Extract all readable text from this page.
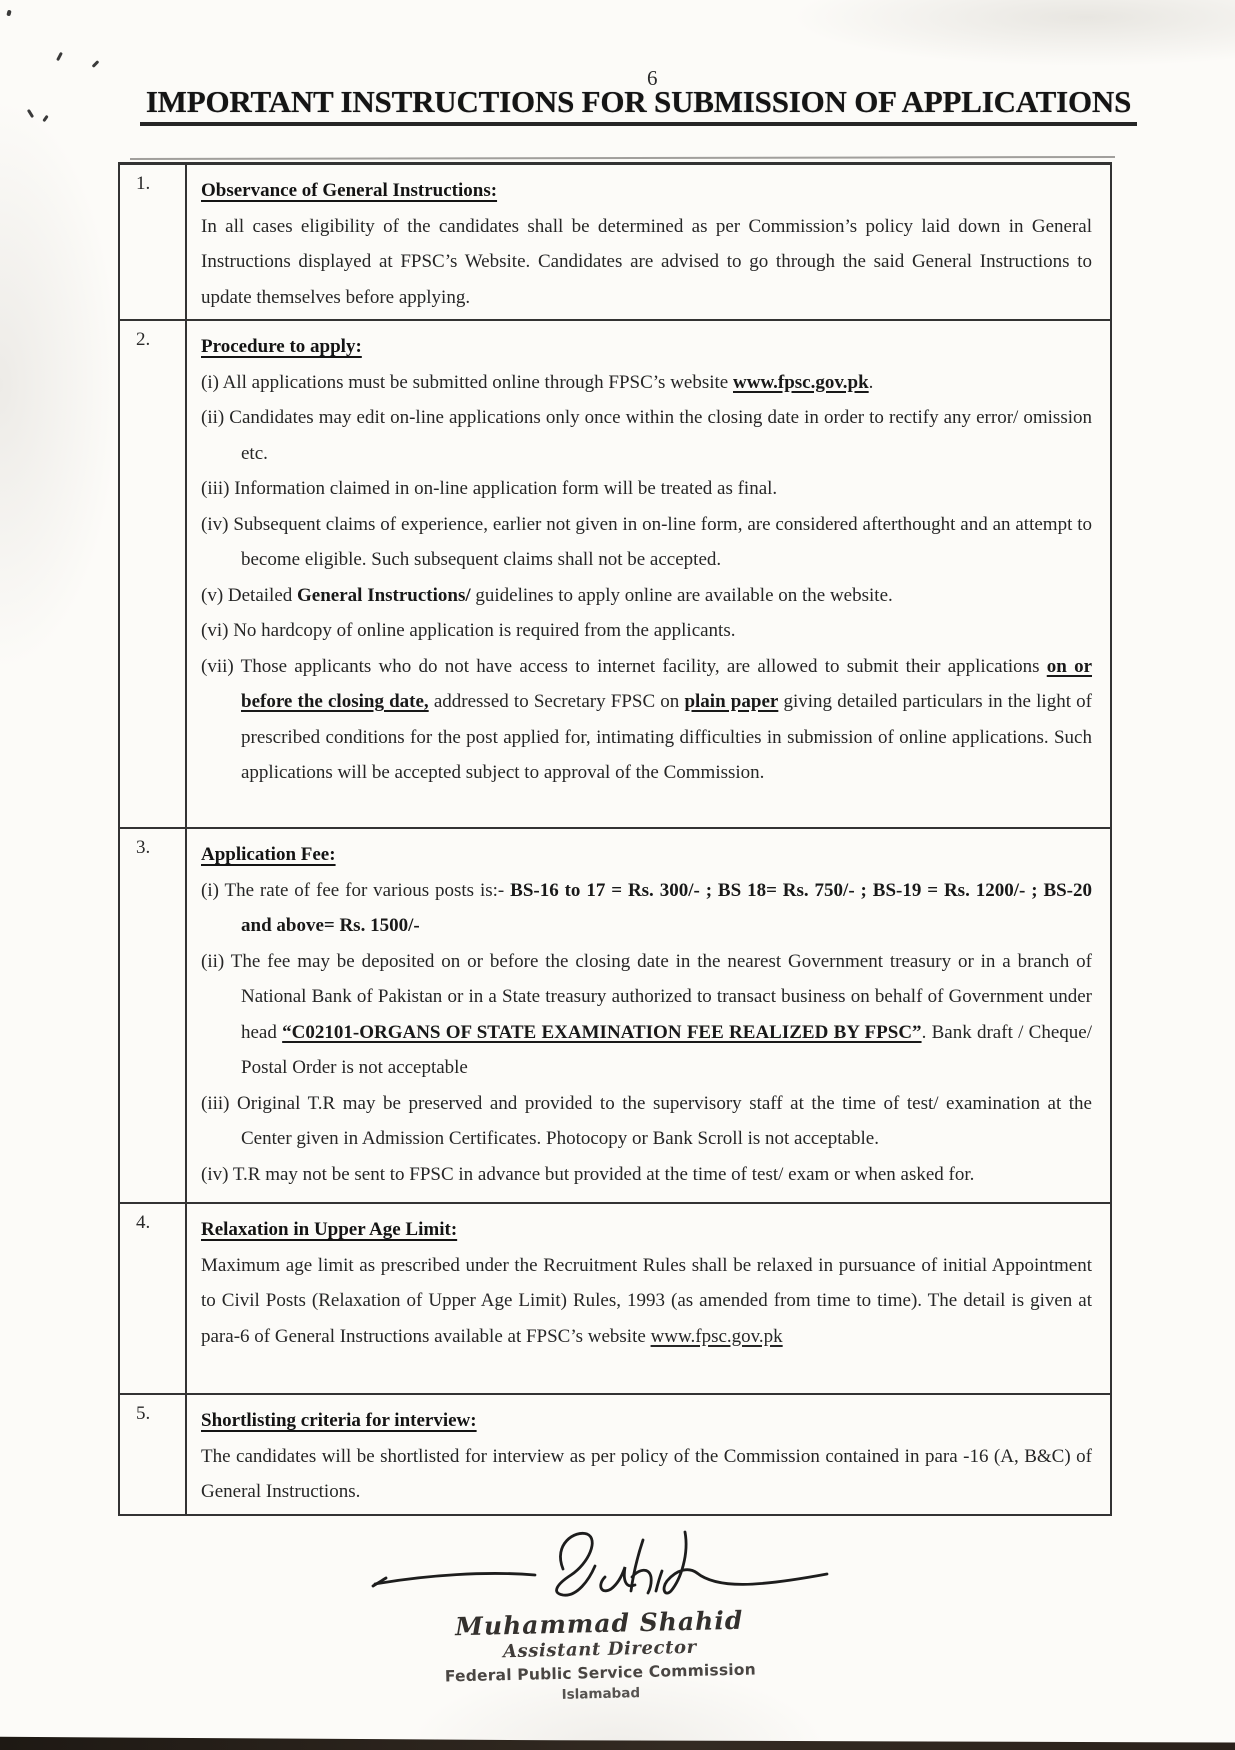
6
IMPORTANT INSTRUCTIONS FOR SUBMISSION OF APPLICATIONS
1.	Observance of General Instructions:
In all cases eligibility of the candidates shall be determined as per Commission’s policy laid down in General Instructions displayed at FPSC’s Website. Candidates are advised to go through the said General Instructions to update themselves before applying.
2.	Procedure to apply:
(i) All applications must be submitted online through FPSC’s website www.fpsc.gov.pk.
(ii) Candidates may edit on-line applications only once within the closing date in order to rectify any error/ omission etc.
(iii) Information claimed in on-line application form will be treated as final.
(iv) Subsequent claims of experience, earlier not given in on-line form, are considered afterthought and an attempt to become eligible. Such subsequent claims shall not be accepted.
(v) Detailed General Instructions/ guidelines to apply online are available on the website.
(vi) No hardcopy of online application is required from the applicants.
(vii) Those applicants who do not have access to internet facility, are allowed to submit their applications on or before the closing date, addressed to Secretary FPSC on plain paper giving detailed particulars in the light of prescribed conditions for the post applied for, intimating difficulties in submission of online applications. Such applications will be accepted subject to approval of the Commission.
3.	Application Fee:
(i) The rate of fee for various posts is:- BS-16 to 17 = Rs. 300/- ; BS 18= Rs. 750/- ; BS-19 = Rs. 1200/- ; BS-20 and above= Rs. 1500/-
(ii) The fee may be deposited on or before the closing date in the nearest Government treasury or in a branch of National Bank of Pakistan or in a State treasury authorized to transact business on behalf of Government under head “C02101-ORGANS OF STATE EXAMINATION FEE REALIZED BY FPSC”. Bank draft / Cheque/ Postal Order is not acceptable
(iii) Original T.R may be preserved and provided to the supervisory staff at the time of test/ examination at the Center given in Admission Certificates. Photocopy or Bank Scroll is not acceptable.
(iv) T.R may not be sent to FPSC in advance but provided at the time of test/ exam or when asked for.
4.	Relaxation in Upper Age Limit:
Maximum age limit as prescribed under the Recruitment Rules shall be relaxed in pursuance of initial Appointment to Civil Posts (Relaxation of Upper Age Limit) Rules, 1993 (as amended from time to time). The detail is given at para-6 of General Instructions available at FPSC’s website www.fpsc.gov.pk
5.	Shortlisting criteria for interview:
The candidates will be shortlisted for interview as per policy of the Commission contained in para -16 (A, B&C) of General Instructions.
Muhammad Shahid
Assistant Director
Federal Public Service Commission
Islamabad
